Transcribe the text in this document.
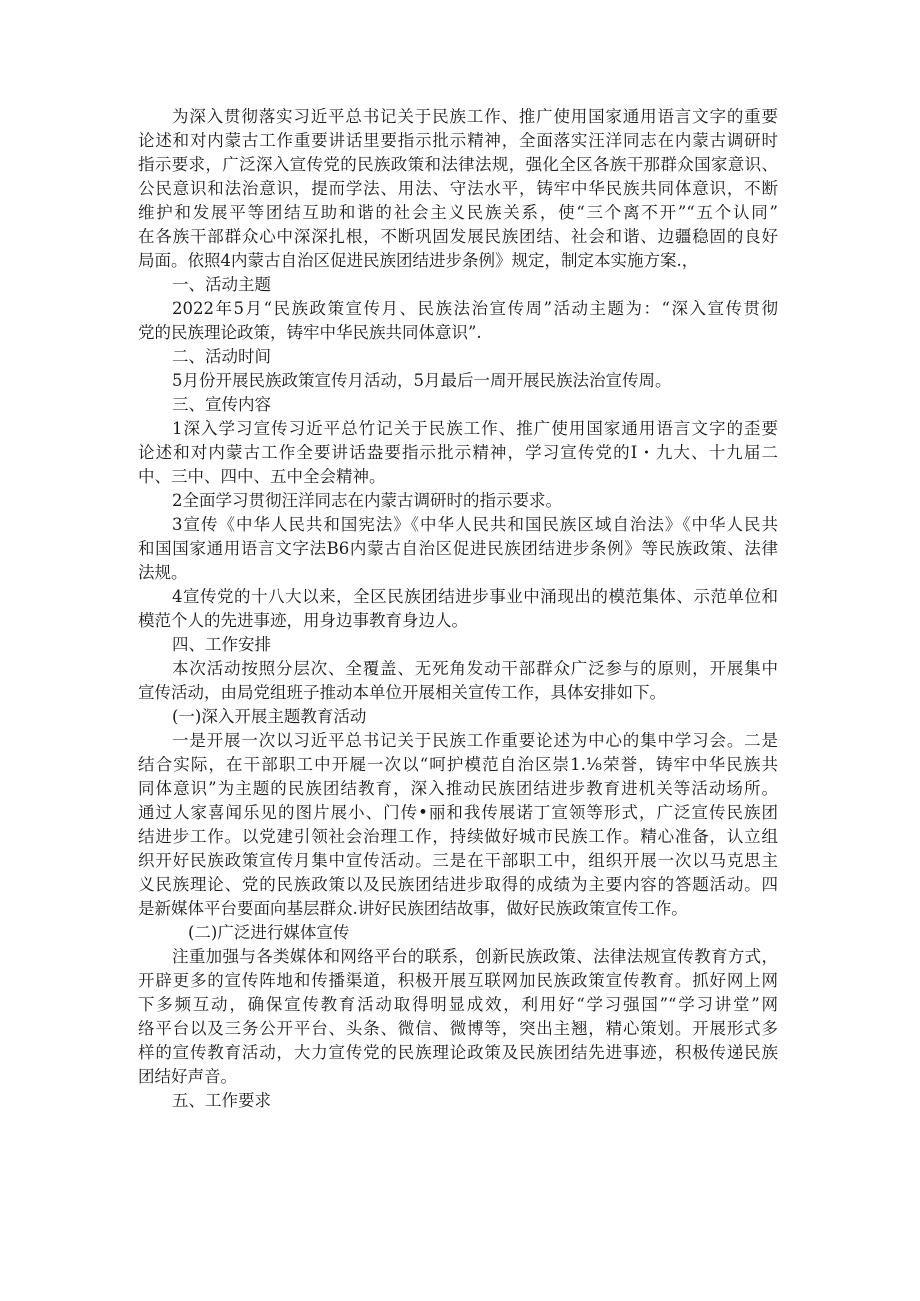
为深入贯彻落实习近平总书记关于民族工作、推广使用国家通用语言文字的重要
论述和对内蒙古工作重要讲话里要指示批示精神，全面落实汪洋同志在内蒙古调研时
指示要求，广泛深入宣传党的民族政策和法律法规，强化全区各族干那群众国家意识、
公民意识和法治意识，提而学法、用法、守法水平，铸牢中华民族共同体意识，不断
维护和发展平等团结互助和谐的社会主义民族关系，使“三个离不开”“五个认同”
在各族干部群众心中深深扎根，不断巩固发展民族团结、社会和谐、边疆稳固的良好
局面。依照4内蒙古自治区促进民族团结进步条例》规定，制定本实施方案.，
一、活动主题
2022年5月“民族政策宣传月、民族法治宣传周”活动主题为：“深入宣传贯彻
党的民族理论政策，铸牢中华民族共同体意识”.
二、活动时间
5月份开展民族政策宣传月活动，5月最后一周开展民族法治宣传周。
三、宣传内容
1深入学习宣传习近平总竹记关于民族工作、推广使用国家通用语言文字的歪要
论述和对内蒙古工作全要讲话盎要指示批示精神，学习宣传党的I・九大、十九届二
中、三中、四中、五中全会精神。
2全面学习贯彻汪洋同志在内蒙古调研时的指示要求。
3宣传《中华人民共和国宪法》《中华人民共和国民族区域自治法》《中华人民共
和国国家通用语言文字法B6内蒙古自治区促进民族团结进步条例》等民族政策、法律
法规。
4宣传党的十八大以来，全区民族团结进步事业中涌现出的模范集体、示范单位和
模范个人的先进事迹，用身边事教育身边人。
四、工作安排
本次活动按照分层次、全覆盖、无死角发动干部群众广泛参与的原则，开展集中
宣传活动，由局党组班子推动本单位开展相关宣传工作，具体安排如下。
(一)深入开展主题教育活动
一是开展一次以习近平总书记关于民族工作重要论述为中心的集中学习会。二是
结合实际，在干部职工中开屣一次以“呵护模范自治区崇1.⅛荣誉，铸牢中华民族共
同体意识”为主题的民族团结教育，深入推动民族团结进步教育进机关等活动场所。
通过人家喜闻乐见的图片展小、门传•丽和我传展诺丁宣领等形式，广泛宣传民族团
结进步工作。以党建引领社会治理工作，持续做好城市民族工作。精心准备，认立组
织开好民族政策宣传月集中宣传活动。三是在干部职工中，组织开展一次以马克思主
义民族理论、党的民族政策以及民族团结进步取得的成绩为主要内容的答题活动。四
是新媒体平台要面向基层群众.讲好民族团结故事，做好民族政策宣传工作。
(二)广泛进行媒体宣传
注重加强与各类媒体和网络平台的联系，创新民族政策、法律法规宣传教育方式，
开辟更多的宣传阵地和传播渠道，积极开展互联网加民族政策宣传教育。抓好网上网
下多频互动，确保宣传教育活动取得明显成效，利用好“学习强国”“学习讲堂”网
络平台以及三务公开平台、头条、微信、微博等，突出主翘，精心策划。开展形式多
样的宣传教育活动，大力宣传党的民族理论政策及民族团结先进事迹，积极传递民族
团结好声音。
五、工作要求
